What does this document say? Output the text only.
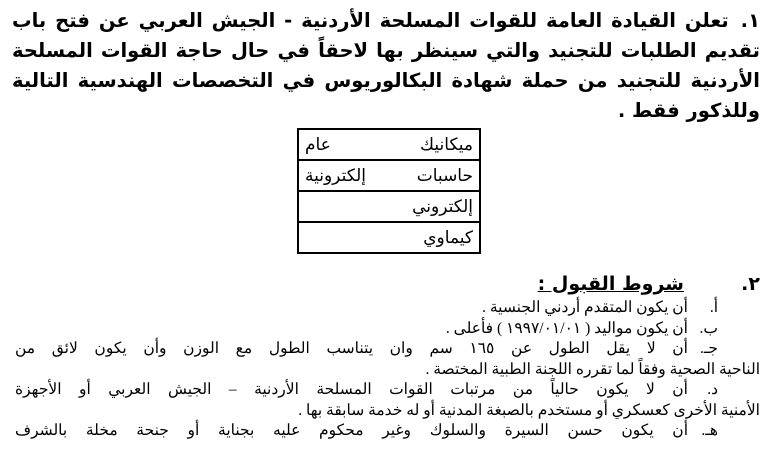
١.تعلن القيادة العامة للقوات المسلحة الأردنية - الجيش العربي عن فتح باب
تقديم الطلبات للتجنيد والتي سينظر بها لاحقاً في حال حاجة القوات المسلحة
الأردنية للتجنيد من حملة شهادة البكالوريوس في التخصصات الهندسية التالية
وللذكور فقط .
ميكانيك عام
حاسبات إلكترونية
إلكتروني
كيماوي
٢.شروط القبول :
أ.أن يكون المتقدم أردني الجنسية .
ب.أن يكون مواليد ( ١٩٩٧/٠١/٠١ ) فأعلى .
جـ.أن لا يقل الطول عن ١٦٥ سم وان يتناسب الطول مع الوزن وأن يكون لائق من
الناحية الصحية وفقاً لما تقرره اللجنة الطبية المختصة .
د.أن لا يكون حالياً من مرتبات القوات المسلحة الأردنية – الجيش العربي أو الأجهزة
الأمنية الأخرى كعسكري أو مستخدم بالصبغة المدنية أو له خدمة سابقة بها .
هـ.أن يكون حسن السيرة والسلوك وغير محكوم عليه بجناية أو جنحة مخلة بالشرف
